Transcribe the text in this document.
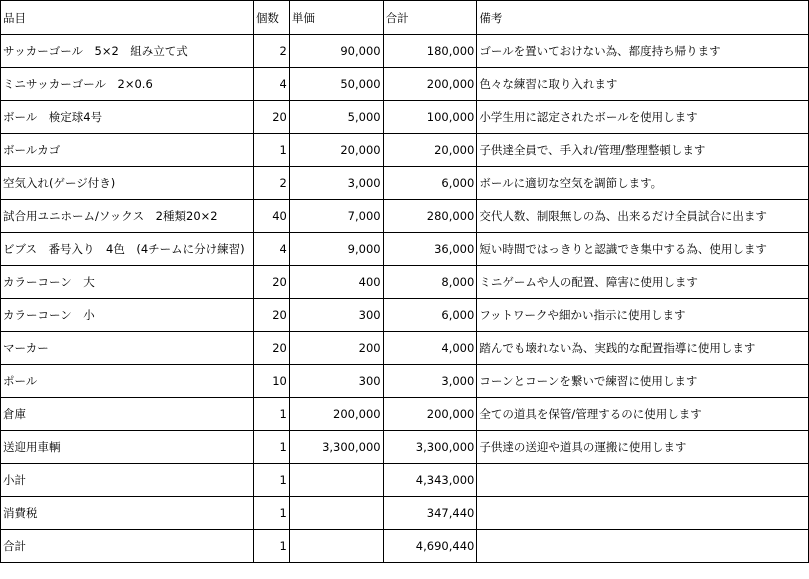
品目	個数	単価	合計	備考
サッカーゴール　5×2　組み立て式	2	90,000	180,000	ゴールを置いておけない為、都度持ち帰ります
ミニサッカーゴール　2×0.6	4	50,000	200,000	色々な練習に取り入れます
ボール　検定球4号	20	5,000	100,000	小学生用に認定されたボールを使用します
ボールカゴ	1	20,000	20,000	子供達全員で、手入れ/管理/整理整頓します
空気入れ(ゲージ付き)	2	3,000	6,000	ボールに適切な空気を調節します。
試合用ユニホーム/ソックス　2種類20×2	40	7,000	280,000	交代人数、制限無しの為、出来るだけ全員試合に出ます
ビブス　番号入り　4色　(4チームに分け練習)	4	9,000	36,000	短い時間ではっきりと認識でき集中する為、使用します
カラーコーン　大	20	400	8,000	ミニゲームや人の配置、障害に使用します
カラーコーン　小	20	300	6,000	フットワークや細かい指示に使用します
マーカー	20	200	4,000	踏んでも壊れない為、実践的な配置指導に使用します
ポール	10	300	3,000	コーンとコーンを繋いで練習に使用します
倉庫	1	200,000	200,000	全ての道具を保管/管理するのに使用します
送迎用車輌	1	3,300,000	3,300,000	子供達の送迎や道具の運搬に使用します
小計	1		4,343,000	
消費税	1		347,440	
合計	1		4,690,440	
